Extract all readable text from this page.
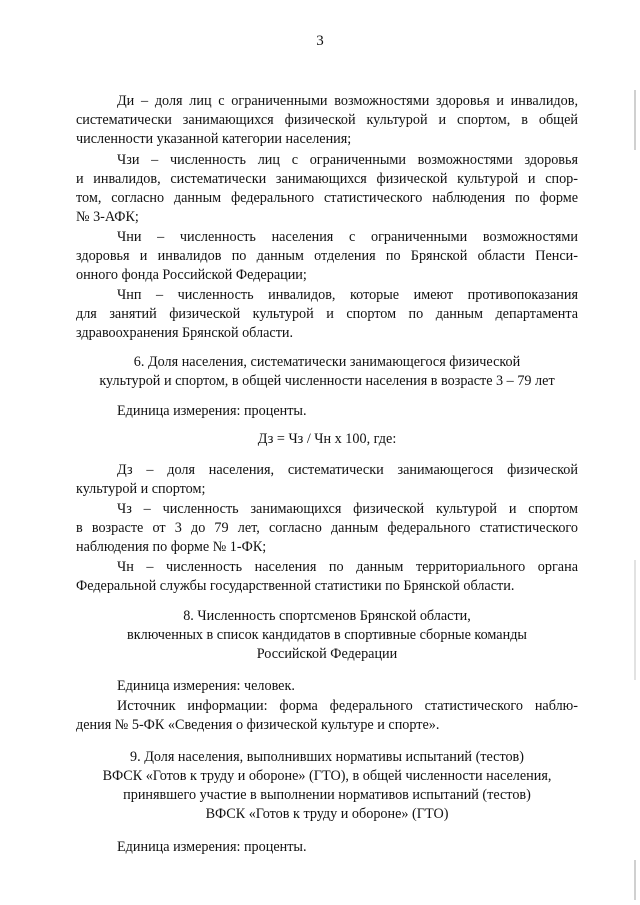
3

Ди – доля лиц с ограниченными возможностями здоровья и инвалидов,

систематически занимающихся физической культурой и спортом, в общей

численности указанной категории населения;

Чзи – численность лиц с ограниченными возможностями здоровья

и инвалидов, систематически занимающихся физической культурой и спор-

том, согласно данным федерального статистического наблюдения по форме

№ 3-АФК;

Чни – численность населения с ограниченными возможностями

здоровья и инвалидов по данным отделения по Брянской области Пенси-

онного фонда Российской Федерации;

Чнп – численность инвалидов, которые имеют противопоказания

для занятий физической культурой и спортом по данным департамента

здравоохранения Брянской области.

6. Доля населения, систематически занимающегося физической

культурой и спортом, в общей численности населения в возрасте 3 – 79 лет

Единица измерения: проценты.

Дз = Чз / Чн х 100, где:

Дз – доля населения, систематически занимающегося физической

культурой и спортом;

Чз – численность занимающихся физической культурой и спортом

в возрасте от 3 до 79 лет, согласно данным федерального статистического

наблюдения по форме № 1-ФК;

Чн – численность населения по данным территориального органа

Федеральной службы государственной статистики по Брянской области.

8. Численность спортсменов Брянской области,

включенных в список кандидатов в спортивные сборные команды

Российской Федерации

Единица измерения: человек.

Источник информации: форма федерального статистического наблю-

дения № 5-ФК «Сведения о физической культуре и спорте».

9. Доля населения, выполнивших нормативы испытаний (тестов)

ВФСК «Готов к труду и обороне» (ГТО), в общей численности населения,

принявшего участие в выполнении нормативов испытаний (тестов)

ВФСК «Готов к труду и обороне» (ГТО)

Единица измерения: проценты.
